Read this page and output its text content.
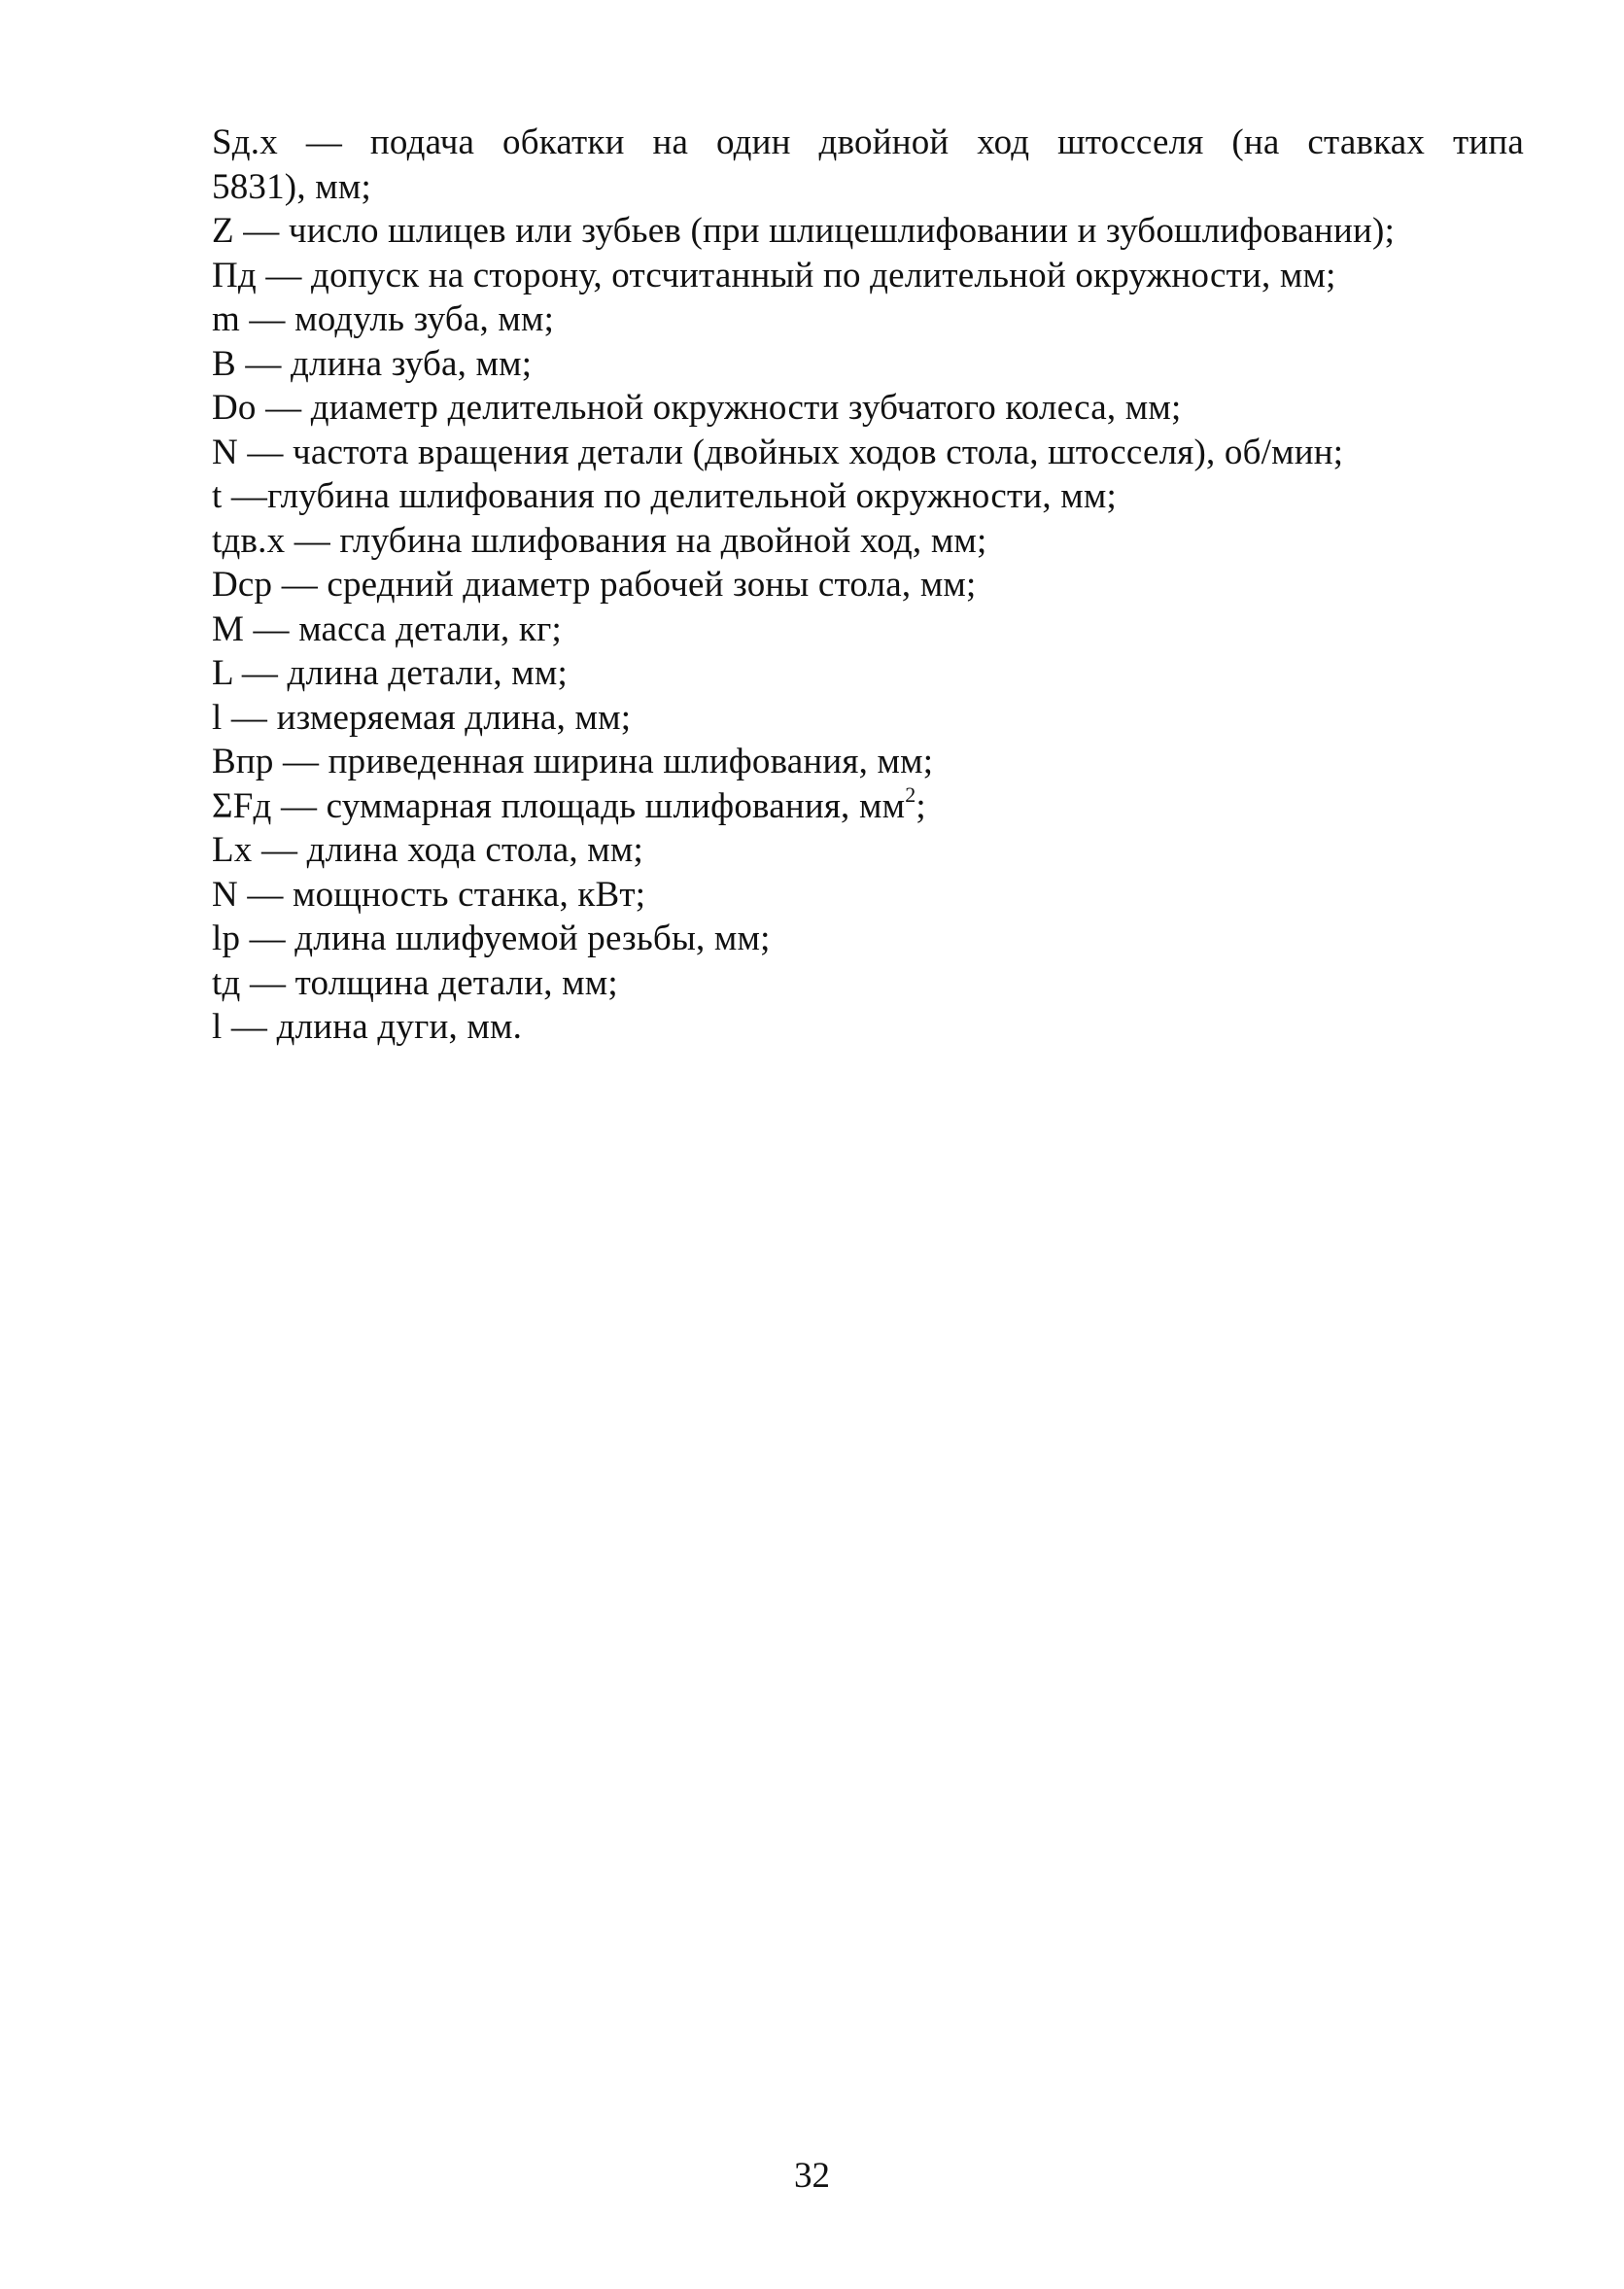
Sд.х — подача обкатки на один двойной ход штосселя (на ставках типа
5831), мм;
Z — число шлицев или зубьев (при шлицешлифовании и зубошлифовании);
Пд — допуск на сторону, отсчитанный по делительной окружности, мм;
m — модуль зуба, мм;
B — длина зуба, мм;
Do — диаметр делительной окружности зубчатого колеса, мм;
N — частота вращения детали (двойных ходов стола, штосселя), об/мин;
t —глубина шлифования по делительной окружности, мм;
tдв.х — глубина шлифования на двойной ход, мм;
Dcp — средний диаметр рабочей зоны стола, мм;
M — масса детали, кг;
L — длина детали, мм;
l — измеряемая длина, мм;
Впр — приведенная ширина шлифования, мм;
ΣFд — суммарная площадь шлифования, $мм^2$;
Lx — длина хода стола, мм;
N — мощность станка, кВт;
lр — длина шлифуемой резьбы, мм;
tд — толщина детали, мм;
l — длина дуги, мм.
32
